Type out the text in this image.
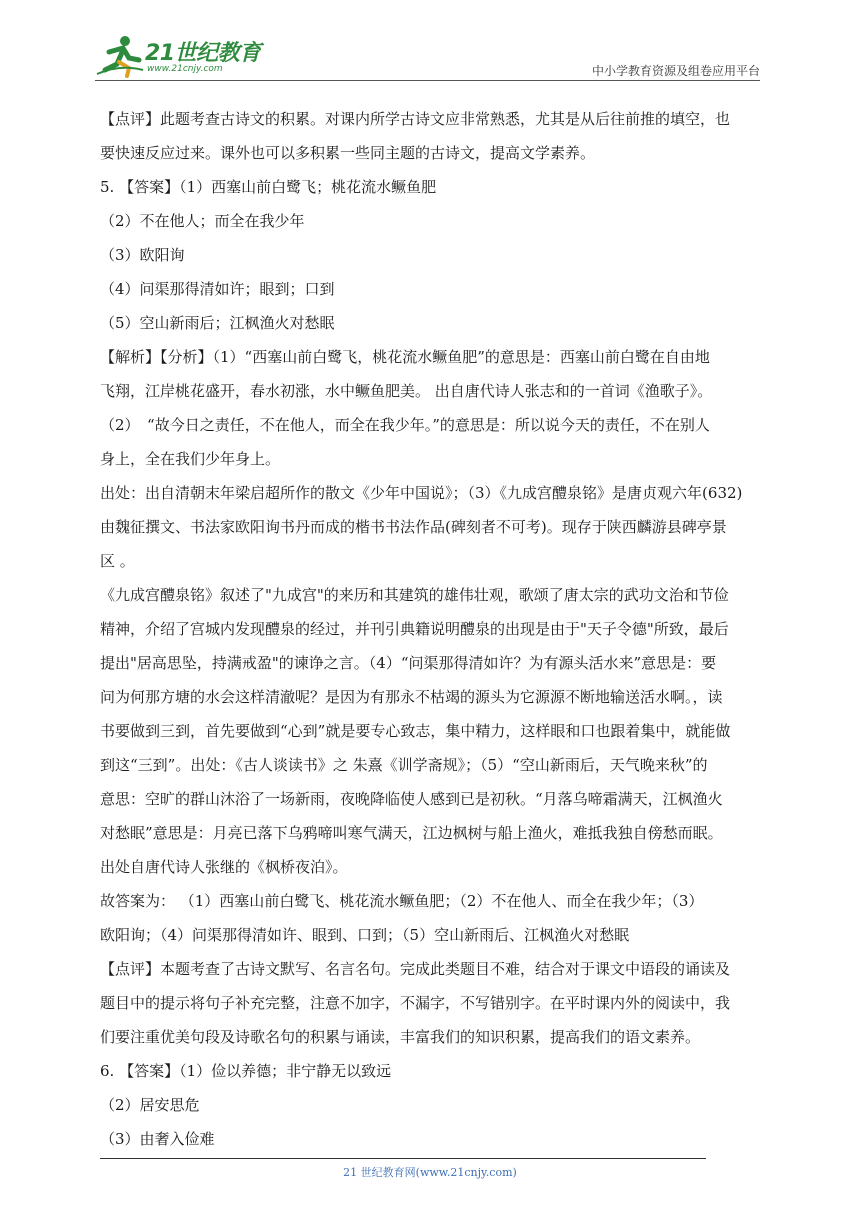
21世纪教育
www.21cnjy.com	中小学教育资源及组卷应用平台
【点评】此题考查古诗文的积累。对课内所学古诗文应非常熟悉，尤其是从后往前推的填空，也
要快速反应过来。课外也可以多积累一些同主题的古诗文，提高文学素养。
5. 【答案】（1）西塞山前白鹭飞；桃花流水鳜鱼肥
（2）不在他人；而全在我少年
（3）欧阳询
（4）问渠那得清如许；眼到；口到
（5）空山新雨后；江枫渔火对愁眠
【解析】【分析】（1）“西塞山前白鹭飞，桃花流水鳜鱼肥”的意思是：西塞山前白鹭在自由地
飞翔，江岸桃花盛开，春水初涨，水中鳜鱼肥美。 出自唐代诗人张志和的一首词《渔歌子》。
（2）　“故今日之责任，不在他人，而全在我少年。”的意思是：所以说今天的责任，不在别人
身上，全在我们少年身上。
出处：出自清朝末年梁启超所作的散文《少年中国说》；（3）《九成宫醴泉铭》是唐贞观六年(632)
由魏征撰文、书法家欧阳询书丹而成的楷书书法作品(碑刻者不可考)。现存于陕西麟游县碑亭景
区 。
《九成宫醴泉铭》叙述了"九成宫"的来历和其建筑的雄伟壮观，歌颂了唐太宗的武功文治和节俭
精神，介绍了宫城内发现醴泉的经过，并刊引典籍说明醴泉的出现是由于"天子令德"所致，最后
提出"居高思坠，持满戒盈"的谏诤之言。（4）“问渠那得清如许？为有源头活水来”意思是：要
问为何那方塘的水会这样清澈呢？是因为有那永不枯竭的源头为它源源不断地输送活水啊。，读
书要做到三到，首先要做到“心到”就是要专心致志，集中精力，这样眼和口也跟着集中，就能做
到这“三到”。出处：《古人谈读书》之 朱熹《训学斋规》；（5）“空山新雨后，天气晚来秋”的
意思：空旷的群山沐浴了一场新雨，夜晚降临使人感到已是初秋。“月落乌啼霜满天，江枫渔火
对愁眠”意思是：月亮已落下乌鸦啼叫寒气满天，江边枫树与船上渔火，难抵我独自傍愁而眠。
出处自唐代诗人张继的《枫桥夜泊》。
故答案为： （1）西塞山前白鹭飞、桃花流水鳜鱼肥；（2）不在他人、而全在我少年；（3）
欧阳询；（4）问渠那得清如许、眼到、口到；（5）空山新雨后、江枫渔火对愁眠
【点评】本题考查了古诗文默写、名言名句。完成此类题目不难，结合对于课文中语段的诵读及
题目中的提示将句子补充完整，注意不加字，不漏字，不写错别字。在平时课内外的阅读中，我
们要注重优美句段及诗歌名句的积累与诵读，丰富我们的知识积累，提高我们的语文素养。
6. 【答案】（1）俭以养德；非宁静无以致远
（2）居安思危
（3）由奢入俭难
21 世纪教育网(www.21cnjy.com)
